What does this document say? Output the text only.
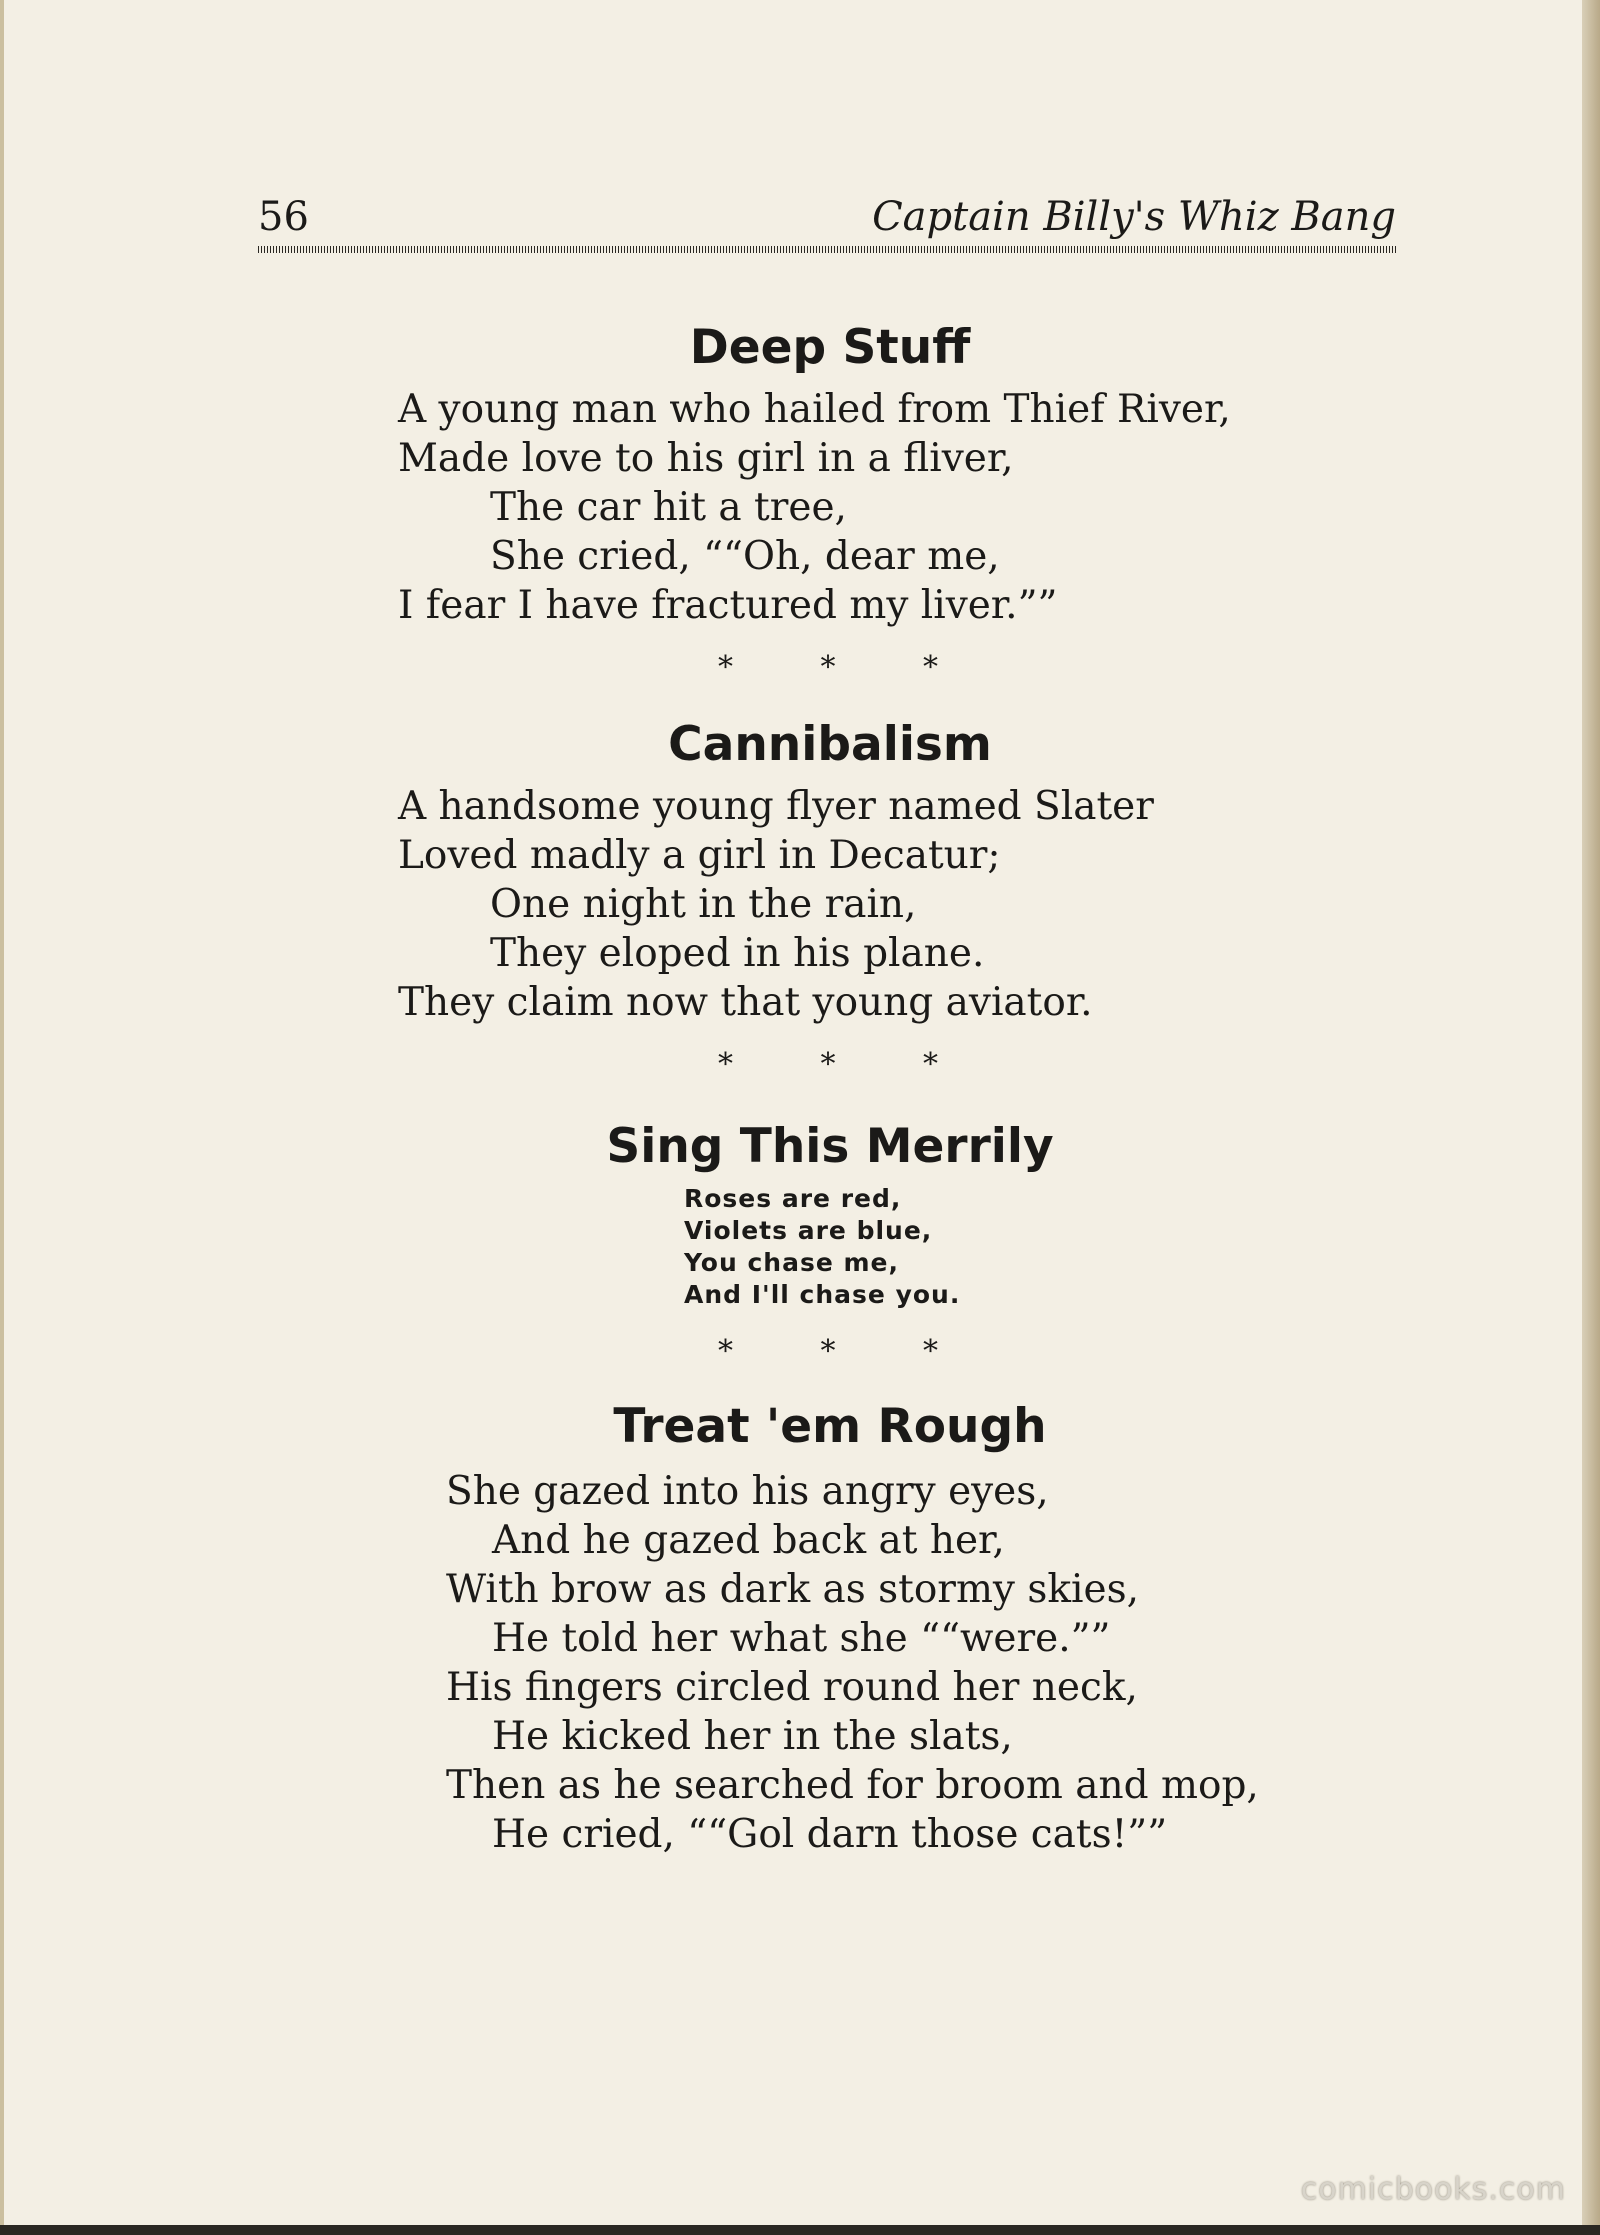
56	Captain Billy's Whiz Bang
Deep Stuff
A young man who hailed from Thief River,
Made love to his girl in a fliver,
The car hit a tree,
She cried, ““Oh, dear me,
I fear I have fractured my liver.””
*	*	*
Cannibalism
A handsome young flyer named Slater
Loved madly a girl in Decatur;
One night in the rain,
They eloped in his plane.
They claim now that young aviator.
*	*	*
Sing This Merrily
Roses are red,
Violets are blue,
You chase me,
And I'll chase you.
*	*	*
Treat 'em Rough
She gazed into his angry eyes,
And he gazed back at her,
With brow as dark as stormy skies,
He told her what she ““were.””
His fingers circled round her neck,
He kicked her in the slats,
Then as he searched for broom and mop,
He cried, ““Gol darn those cats!””
comicbooks.com
